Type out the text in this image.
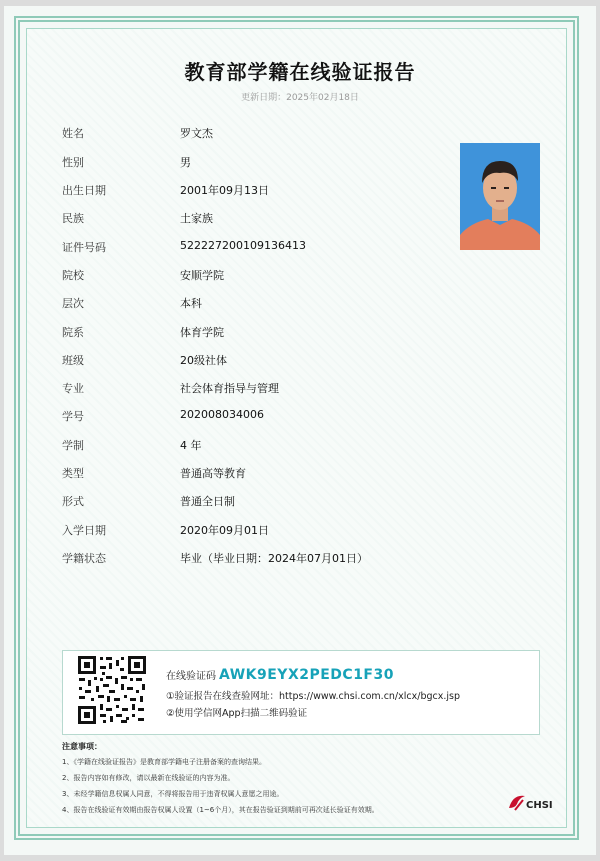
教育部学籍在线验证报告
更新日期：2025年02月18日
姓名	罗文杰
性别	男
出生日期	2001年09月13日
民族	土家族
证件号码	522227200109136413
院校	安顺学院
层次	本科
院系	体育学院
班级	20级社体
专业	社会体育指导与管理
学号	202008034006
学制	4 年
类型	普通高等教育
形式	普通全日制
入学日期	2020年09月01日
学籍状态	毕业（毕业日期：2024年07月01日）
在线验证码 AWK9EYX2PEDC1F30
①验证报告在线查验网址：https://www.chsi.com.cn/xlcx/bgcx.jsp
②使用学信网App扫描二维码验证
注意事项：
1、《学籍在线验证报告》是教育部学籍电子注册备案的查询结果。
2、报告内容如有修改，请以最新在线验证的内容为准。
3、未经学籍信息权属人同意，不得将报告用于违背权属人意愿之用途。
4、报告在线验证有效期由报告权属人设置（1~6个月），其在报告验证到期前可再次延长验证有效期。	CHSI
